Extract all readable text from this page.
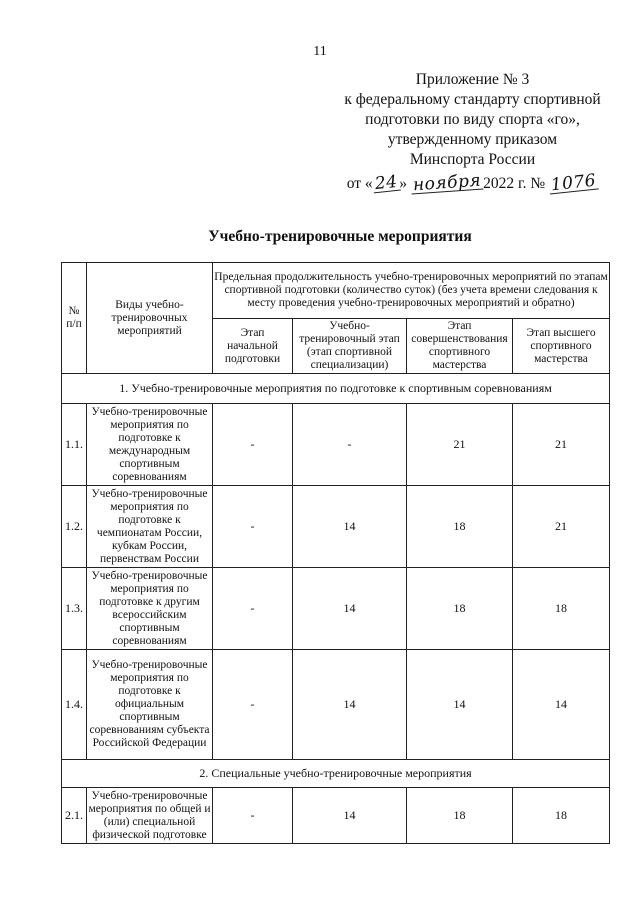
11
Приложение № 3
к федеральному стандарту спортивной
подготовки по виду спорта «го»,
утвержденному приказом
Минспорта России
от «24» ноября2022 г. № 1076
Учебно-тренировочные мероприятия
№ п/п	Виды учебно-тренировочных мероприятий	Предельная продолжительность учебно-тренировочных мероприятий по этапам спортивной подготовки (количество суток) (без учета времени следования к месту проведения учебно-тренировочных мероприятий и обратно)			
		Этап начальной подготовки	Учебно-тренировочный этап (этап спортивной специализации)	Этап совершенствования спортивного мастерства	Этап высшего спортивного мастерства
1. Учебно-тренировочные мероприятия по подготовке к спортивным соревнованиям					
1.1.	Учебно-тренировочные мероприятия по подготовке к международным спортивным соревнованиям	-	-	21	21
1.2.	Учебно-тренировочные мероприятия по подготовке к чемпионатам России, кубкам России, первенствам России	-	14	18	21
1.3.	Учебно-тренировочные мероприятия по подготовке к другим всероссийским спортивным соревнованиям	-	14	18	18
1.4.	Учебно-тренировочные мероприятия по подготовке к официальным спортивным соревнованиям субъекта Российской Федерации	-	14	14	14
2. Специальные учебно-тренировочные мероприятия					
2.1.	Учебно-тренировочные мероприятия по общей и (или) специальной физической подготовке	-	14	18	18
